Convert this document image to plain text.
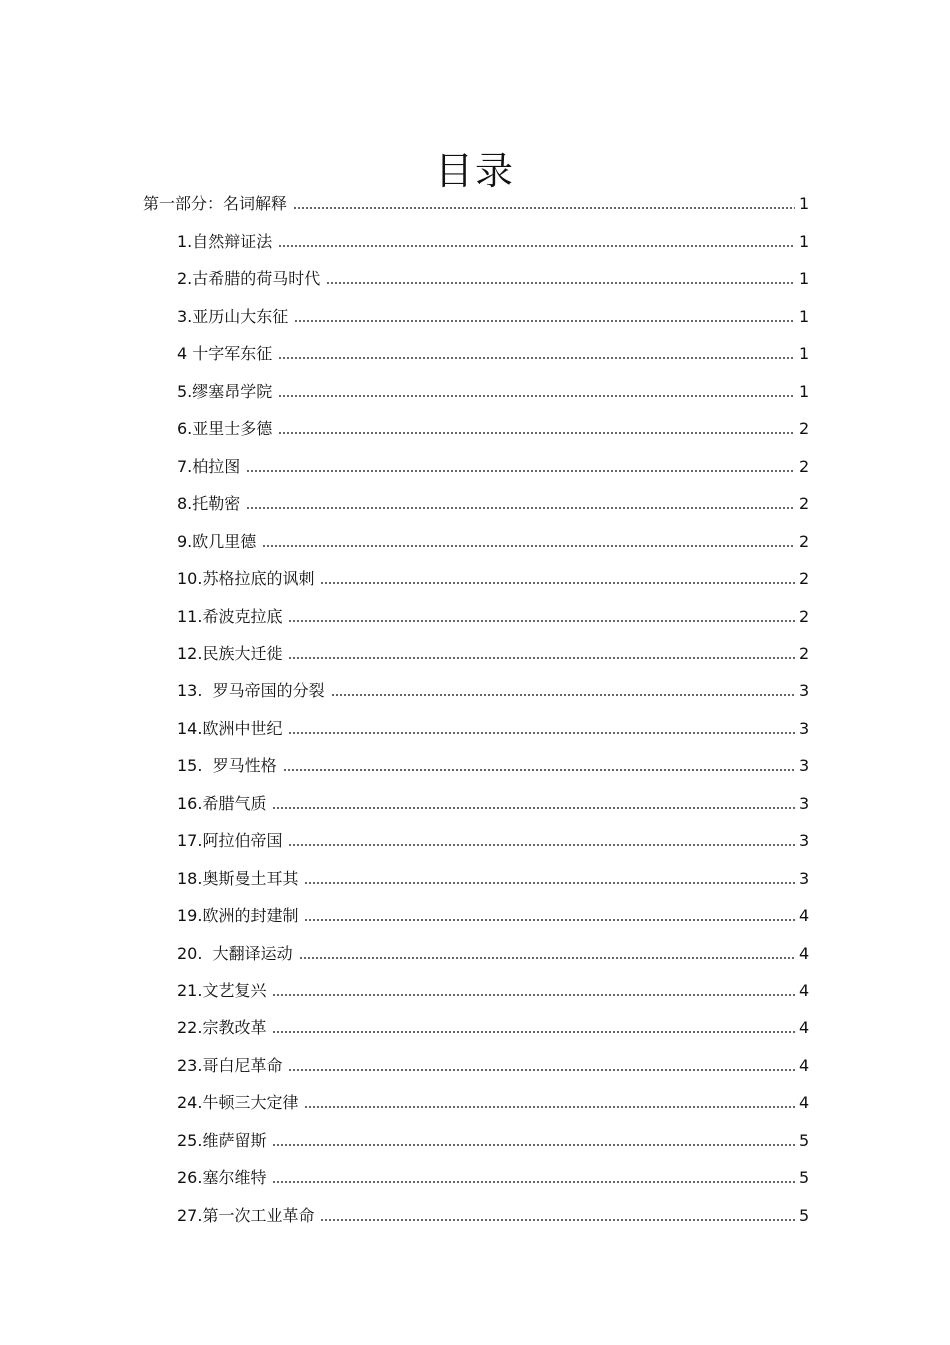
目录
第一部分：名词解释	1
1.自然辩证法	1
2.古希腊的荷马时代	1
3.亚历山大东征	1
4 十字军东征	1
5.缪塞昂学院	1
6.亚里士多德	2
7.柏拉图	2
8.托勒密	2
9.欧几里德	2
10.苏格拉底的讽刺	2
11.希波克拉底	2
12.民族大迁徙	2
13.  罗马帝国的分裂	3
14.欧洲中世纪	3
15.  罗马性格	3
16.希腊气质	3
17.阿拉伯帝国	3
18.奥斯曼土耳其	3
19.欧洲的封建制	4
20.  大翻译运动	4
21.文艺复兴	4
22.宗教改革	4
23.哥白尼革命	4
24.牛顿三大定律	4
25.维萨留斯	5
26.塞尔维特	5
27.第一次工业革命	5
